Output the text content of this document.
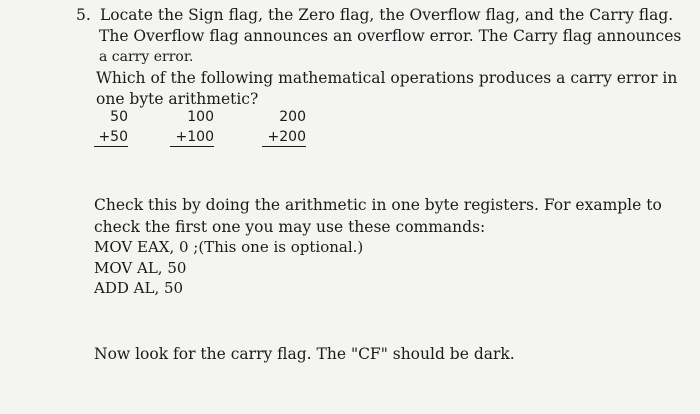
5. Locate the Sign flag, the Zero flag, the Overflow flag, and the Carry flag.
The Overflow flag announces an overflow error. The Carry flag announces
a carry error.
Which of the following mathematical operations produces a carry error in
one byte arithmetic?
50
+50
100
+100
200
+200
Check this by doing the arithmetic in one byte registers. For example to
check the first one you may use these commands:
MOV EAX, 0 ;(This one is optional.)
MOV AL, 50
ADD AL, 50
Now look for the carry flag. The "CF" should be dark.
